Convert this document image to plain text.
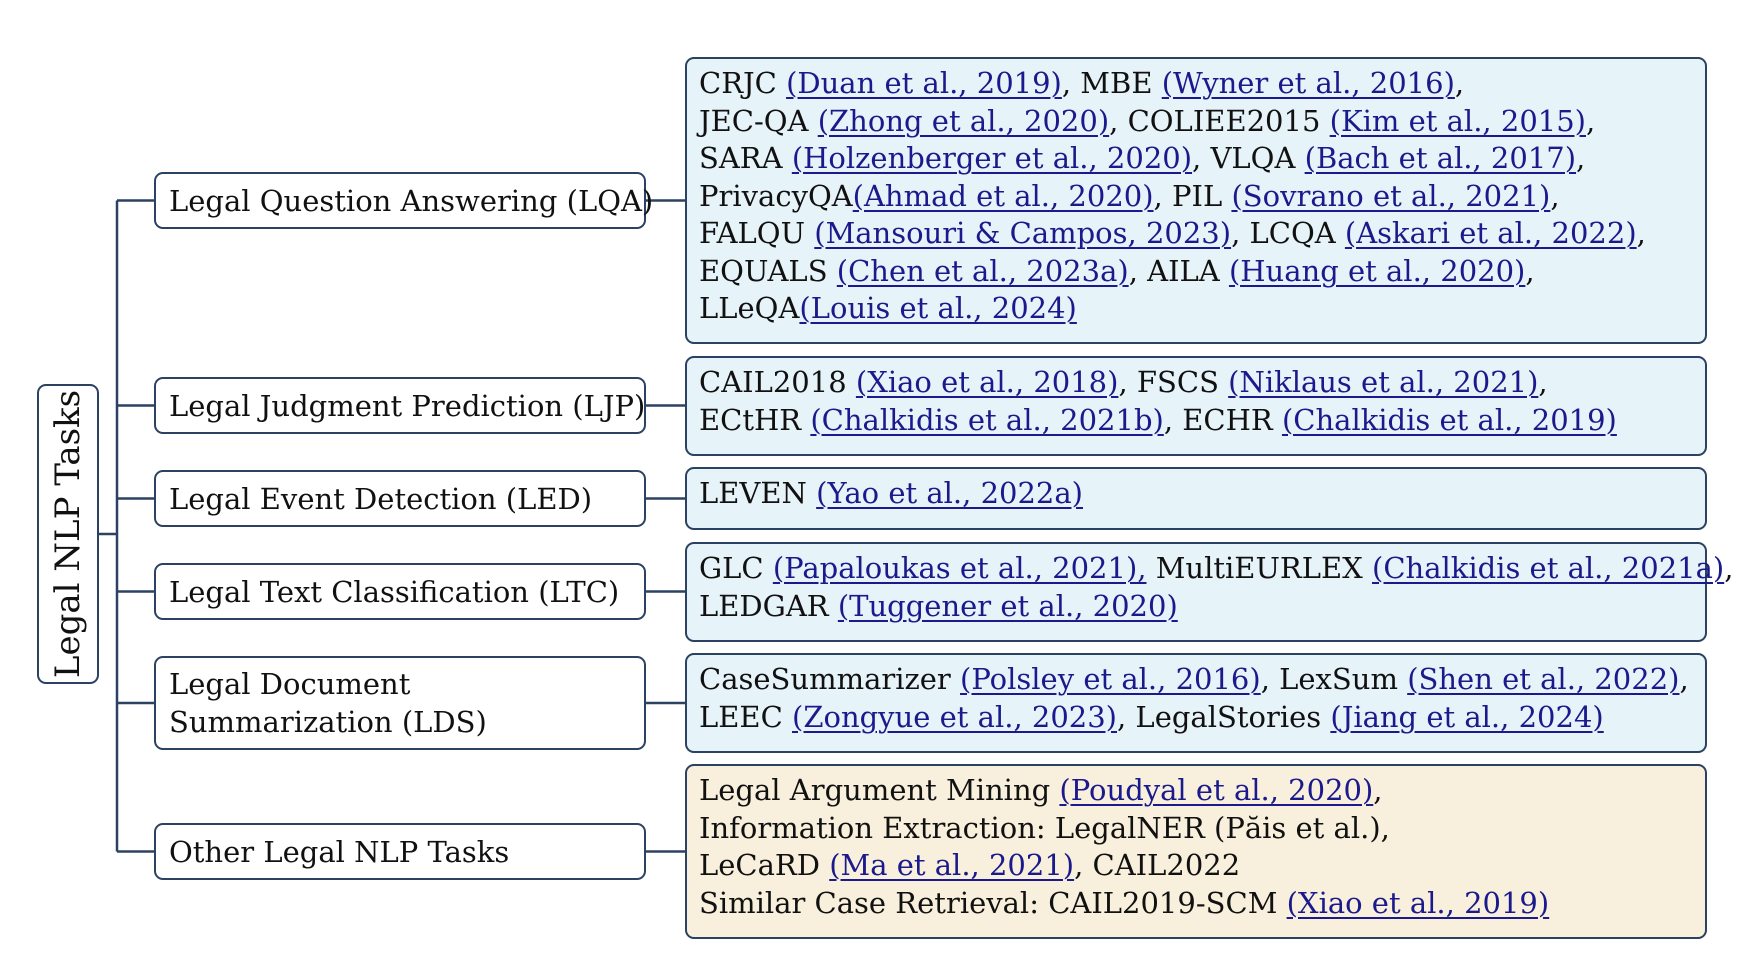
Legal NLP Tasks
Legal Question Answering (LQA)
Legal Judgment Prediction (LJP)
Legal Event Detection (LED)
Legal Text Classification (LTC)
Legal Document Summarization (LDS)
Other Legal NLP Tasks
CRJC (Duan et al., 2019), MBE (Wyner et al., 2016),
JEC-QA (Zhong et al., 2020), COLIEE2015 (Kim et al., 2015),
SARA (Holzenberger et al., 2020), VLQA (Bach et al., 2017),
PrivacyQA(Ahmad et al., 2020), PIL (Sovrano et al., 2021),
FALQU (Mansouri & Campos, 2023), LCQA (Askari et al., 2022),
EQUALS (Chen et al., 2023a), AILA (Huang et al., 2020),
LLeQA(Louis et al., 2024)
CAIL2018 (Xiao et al., 2018), FSCS (Niklaus et al., 2021),
ECtHR (Chalkidis et al., 2021b), ECHR (Chalkidis et al., 2019)
LEVEN (Yao et al., 2022a)
GLC (Papaloukas et al., 2021), MultiEURLEX (Chalkidis et al., 2021a),
LEDGAR (Tuggener et al., 2020)
CaseSummarizer (Polsley et al., 2016), LexSum (Shen et al., 2022),
LEEC (Zongyue et al., 2023), LegalStories (Jiang et al., 2024)
Legal Argument Mining (Poudyal et al., 2020),
Information Extraction: LegalNER (Păis et al.),
LeCaRD (Ma et al., 2021), CAIL2022
Similar Case Retrieval: CAIL2019-SCM (Xiao et al., 2019)
